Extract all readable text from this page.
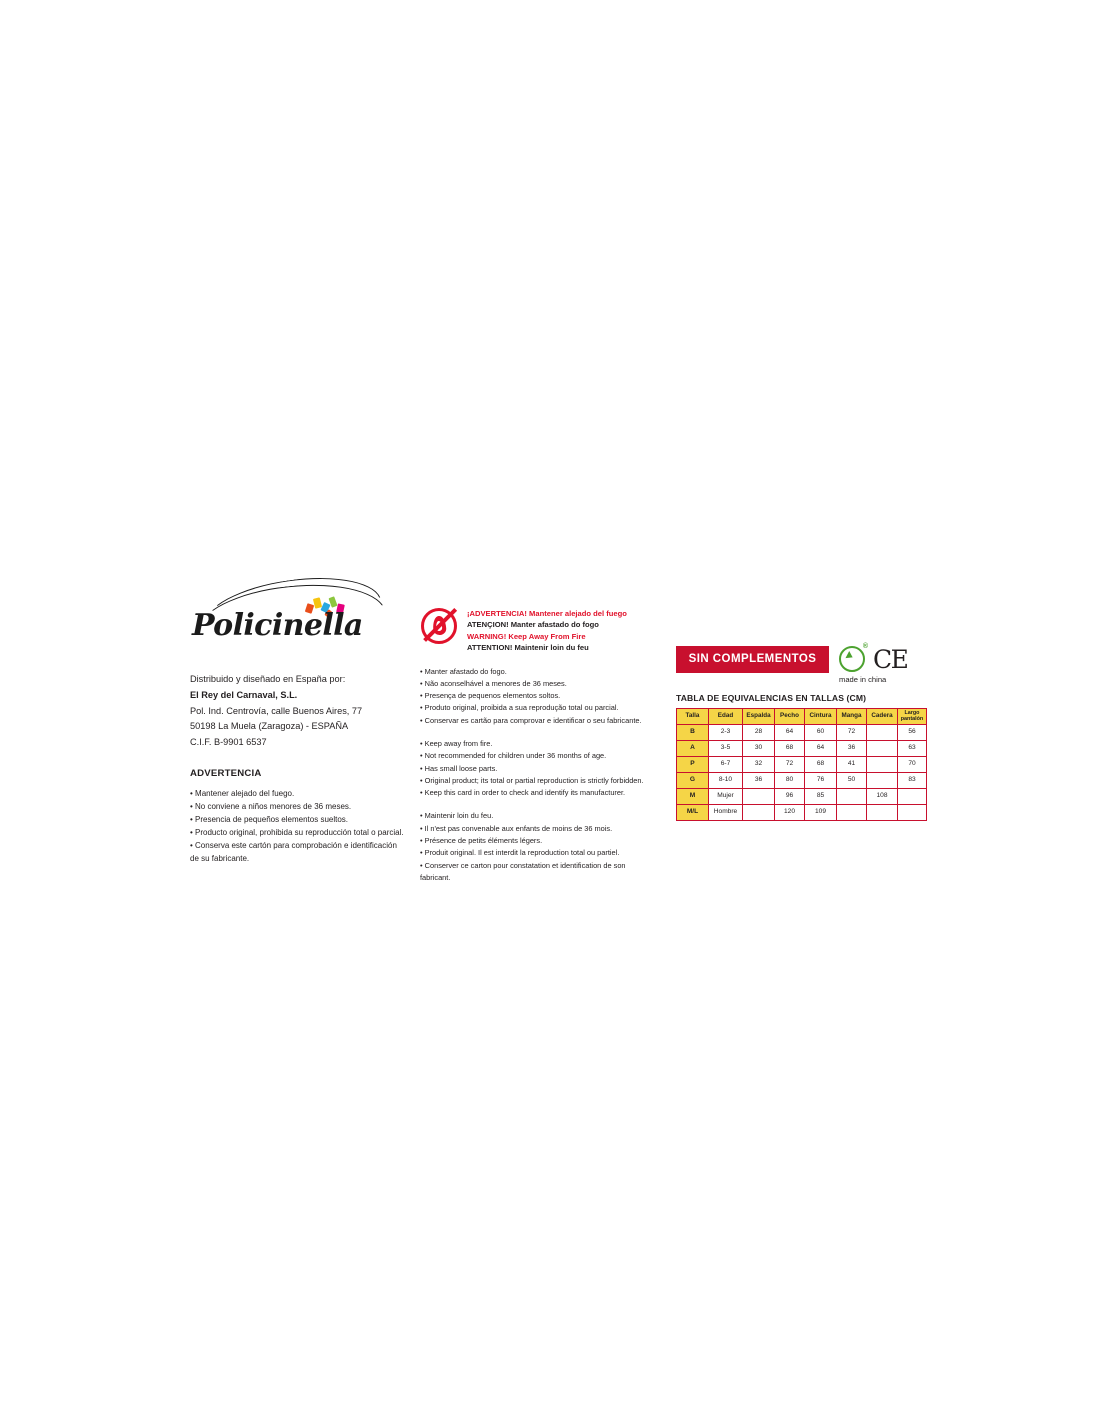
Policinella
Distribuido y diseñado en España por:
El Rey del Carnaval, S.L.
Pol. Ind. Centrovía, calle Buenos Aires, 77
50198 La Muela (Zaragoza) - ESPAÑA
C.I.F. B-9901 6537
ADVERTENCIA
• Mantener alejado del fuego.
• No conviene a niños menores de 36 meses.
• Presencia de pequeños elementos sueltos.
• Producto original, prohibida su reproducción total o parcial.
• Conserva este cartón para comprobación e identificación
de su fabricante.
¡ADVERTENCIA! Mantener alejado del fuego
ATENÇION! Manter afastado do fogo
WARNING! Keep Away From Fire
ATTENTION! Maintenir loin du feu
• Manter afastado do fogo.
• Não aconselhável a menores de 36 meses.
• Presença de pequenos elementos soltos.
• Produto original, proibida a sua reprodução total ou parcial.
• Conservar es cartão para comprovar e identificar o seu fabricante.
• Keep away from fire.
• Not recommended for children under 36 months of age.
• Has small loose parts.
• Original product; its total or partial reproduction is strictly forbidden.
• Keep this card in order to check and identify its manufacturer.
• Maintenir loin du feu.
• Il n'est pas convenable aux enfants de moins de 36 mois.
• Présence de petits éléments légers.
• Produit original. Il est interdit la reproduction total ou partiel.
• Conserver ce carton pour constatation et identification de son
fabricant.
SIN COMPLEMENTOS
® CE
made in china
TABLA DE EQUIVALENCIAS EN TALLAS (CM)
Talla	Edad	Espalda	Pecho	Cintura	Manga	Cadera	Largo pantalón

B	2-3	28	64	60	72		56
A	3-5	30	68	64	36		63
P	6-7	32	72	68	41		70
G	8-10	36	80	76	50		83
M	Mujer		96	85		108	
M/L	Hombre		120	109			
